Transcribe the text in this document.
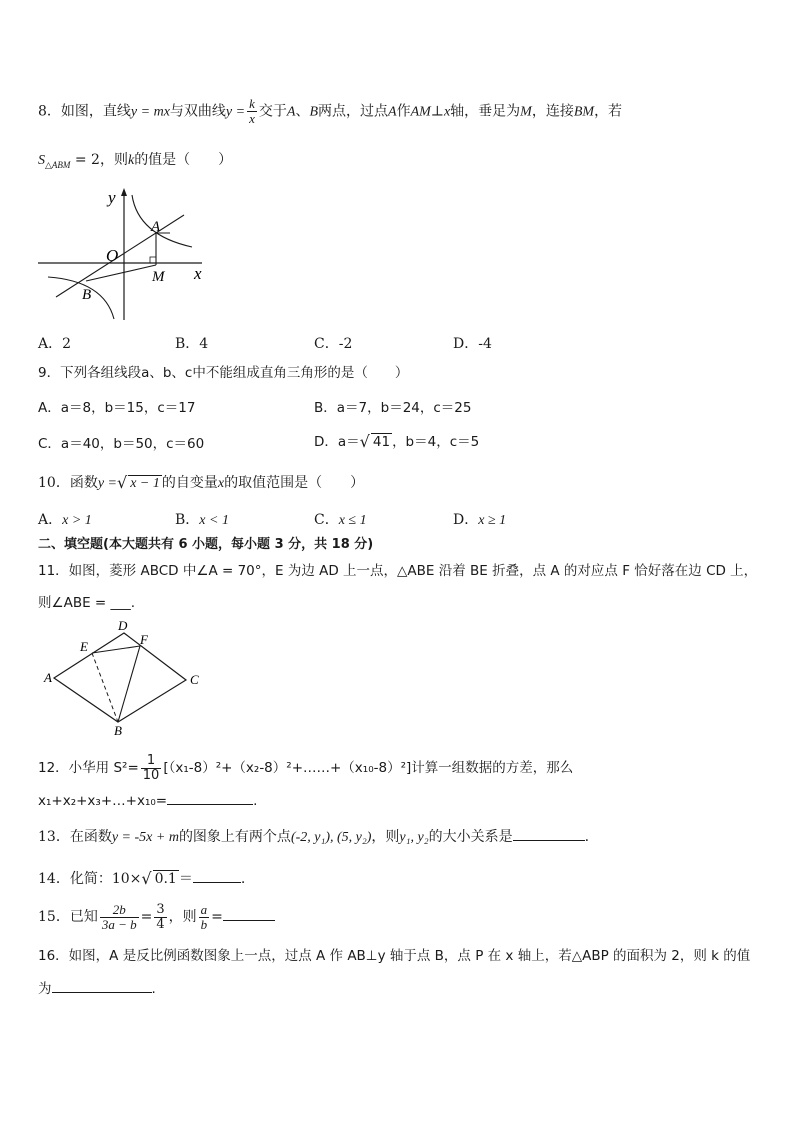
8．如图，直线y = mx与双曲线$y = \frac{k}{x}$ 交于A、B两点，过点A作AM⊥x轴，垂足为M，连接BM，若
$S_{\triangle ABM} = 2$，则k的值是（　　）
y
x
O
A
B
M
A．2	B．4	C．-2	D．-4
9．下列各组线段a、b、c中不能组成直角三角形的是（　　）
A．a＝8，b＝15，c＝17	B．a＝7，b＝24，c＝25
C．a＝40，b＝50，c＝60	D．a＝√ 41 ，b＝4，c＝5
10．函数y =√ x − 1 的自变量x的取值范围是（　　）
A．x > 1	B．x < 1	C．x ≤ 1	D．x ≥ 1
二、填空题(本大题共有 6 小题，每小题 3 分，共 18 分)
11．如图，菱形 ABCD 中∠A = 70°，E 为边 AD 上一点，△ABE 沿着 BE 折叠，点 A 的对应点 F 恰好落在边 CD 上，
则∠ABE = ___.
A
B
C
D
E	F
12．小华用 $S^2= \frac{1}{10}$ [（x₁-8）²+（x₂-8）²+……+（x₁₀-8）²]计算一组数据的方差，那么
x₁+x₂+x₃+…+x₁₀=	.
13．在函数y = -5x + m的图象上有两个点(-2, y₁), (5, y₂)，则y₁, y₂的大小关系是	.
14．化简：10×√ 0.1 ＝	.
15．已知 $\frac{2b}{3a - b} = \frac{3}{4}$ ，则 $\frac{a}{b}$ =
16．如图，A 是反比例函数图象上一点，过点 A 作 AB⊥y 轴于点 B，点 P 在 x 轴上，若△ABP 的面积为 2，则 k 的值
为	.
